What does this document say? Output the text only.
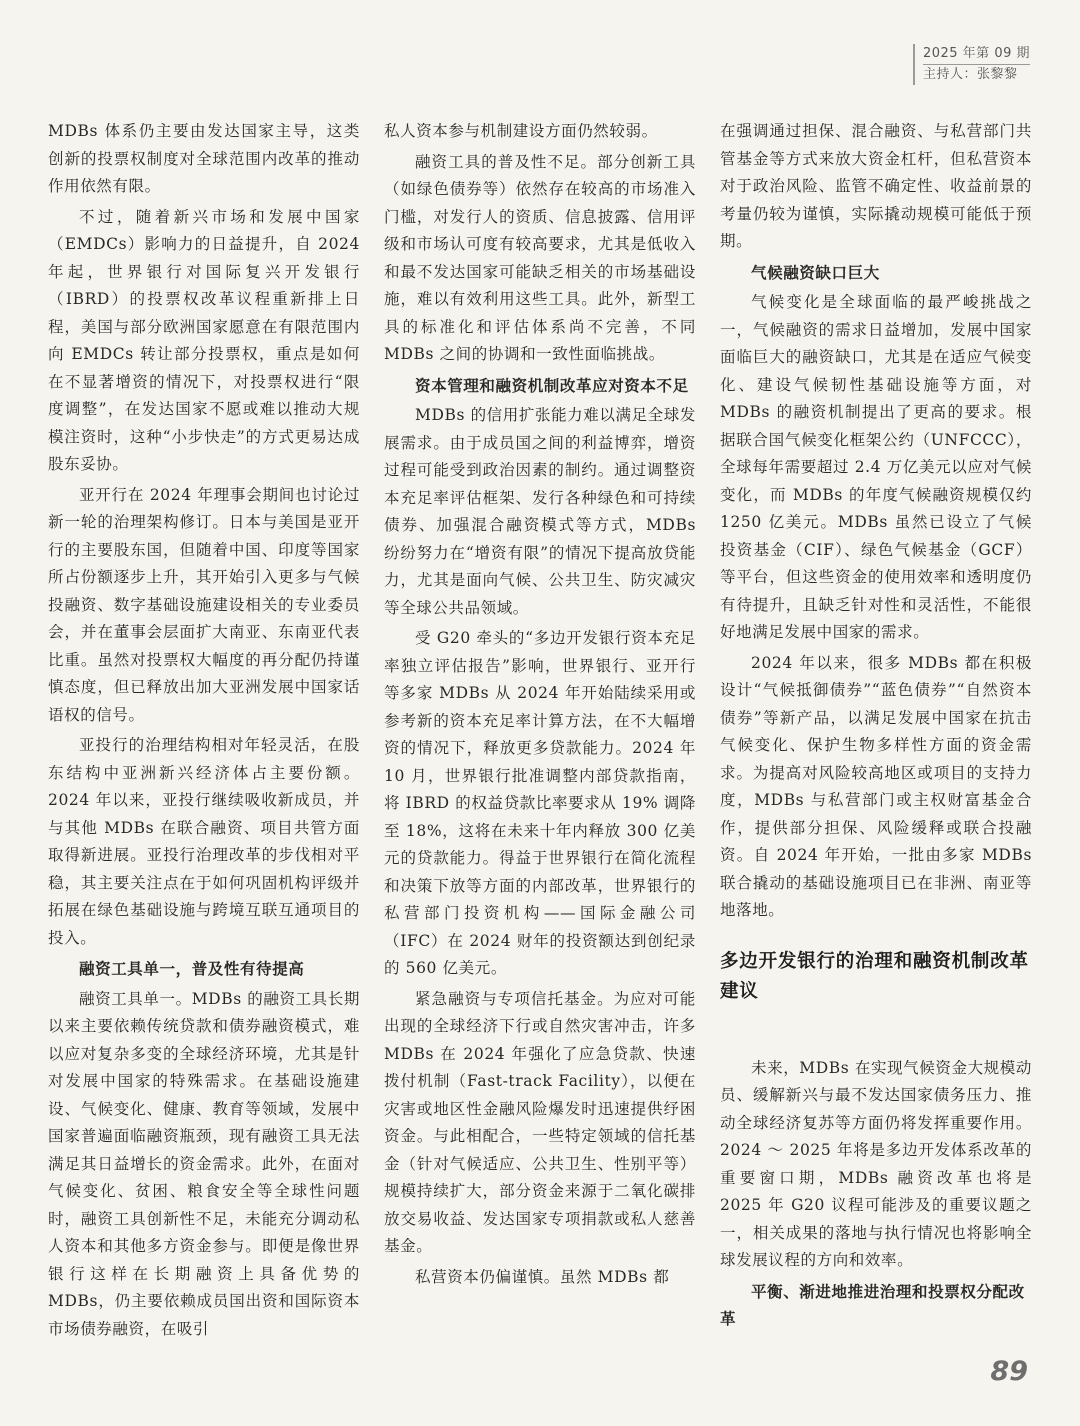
2025 年第 09 期
主持人：张黎黎

MDBs 体系仍主要由发达国家主导，这类创新的投票权制度对全球范围内改革的推动作用依然有限。

不过，随着新兴市场和发展中国家（EMDCs）影响力的日益提升，自 2024 年起，世界银行对国际复兴开发银行（IBRD）的投票权改革议程重新排上日程，美国与部分欧洲国家愿意在有限范围内向 EMDCs 转让部分投票权，重点是如何在不显著增资的情况下，对投票权进行“限度调整”，在发达国家不愿或难以推动大规模注资时，这种“小步快走”的方式更易达成股东妥协。

亚开行在 2024 年理事会期间也讨论过新一轮的治理架构修订。日本与美国是亚开行的主要股东国，但随着中国、印度等国家所占份额逐步上升，其开始引入更多与气候投融资、数字基础设施建设相关的专业委员会，并在董事会层面扩大南亚、东南亚代表比重。虽然对投票权大幅度的再分配仍持谨慎态度，但已释放出加大亚洲发展中国家话语权的信号。

亚投行的治理结构相对年轻灵活，在股东结构中亚洲新兴经济体占主要份额。2024 年以来，亚投行继续吸收新成员，并与其他 MDBs 在联合融资、项目共管方面取得新进展。亚投行治理改革的步伐相对平稳，其主要关注点在于如何巩固机构评级并拓展在绿色基础设施与跨境互联互通项目的投入。

融资工具单一，普及性有待提高

融资工具单一。MDBs 的融资工具长期以来主要依赖传统贷款和债券融资模式，难以应对复杂多变的全球经济环境，尤其是针对发展中国家的特殊需求。在基础设施建设、气候变化、健康、教育等领域，发展中国家普遍面临融资瓶颈，现有融资工具无法满足其日益增长的资金需求。此外，在面对气候变化、贫困、粮食安全等全球性问题时，融资工具创新性不足，未能充分调动私人资本和其他多方资金参与。即便是像世界银行这样在长期融资上具备优势的 MDBs，仍主要依赖成员国出资和国际资本市场债券融资，在吸引

私人资本参与机制建设方面仍然较弱。

融资工具的普及性不足。部分创新工具（如绿色债券等）依然存在较高的市场准入门槛，对发行人的资质、信息披露、信用评级和市场认可度有较高要求，尤其是低收入和最不发达国家可能缺乏相关的市场基础设施，难以有效利用这些工具。此外，新型工具的标准化和评估体系尚不完善，不同 MDBs 之间的协调和一致性面临挑战。

资本管理和融资机制改革应对资本不足

MDBs 的信用扩张能力难以满足全球发展需求。由于成员国之间的利益博弈，增资过程可能受到政治因素的制约。通过调整资本充足率评估框架、发行各种绿色和可持续债券、加强混合融资模式等方式，MDBs 纷纷努力在“增资有限”的情况下提高放贷能力，尤其是面向气候、公共卫生、防灾减灾等全球公共品领域。

受 G20 牵头的“多边开发银行资本充足率独立评估报告”影响，世界银行、亚开行等多家 MDBs 从 2024 年开始陆续采用或参考新的资本充足率计算方法，在不大幅增资的情况下，释放更多贷款能力。2024 年 10 月，世界银行批准调整内部贷款指南，将 IBRD 的权益贷款比率要求从 19% 调降至 18%，这将在未来十年内释放 300 亿美元的贷款能力。得益于世界银行在简化流程和决策下放等方面的内部改革，世界银行的私营部门投资机构——国际金融公司（IFC）在 2024 财年的投资额达到创纪录的 560 亿美元。

紧急融资与专项信托基金。为应对可能出现的全球经济下行或自然灾害冲击，许多 MDBs 在 2024 年强化了应急贷款、快速拨付机制（Fast-track Facility），以便在灾害或地区性金融风险爆发时迅速提供纾困资金。与此相配合，一些特定领域的信托基金（针对气候适应、公共卫生、性别平等）规模持续扩大，部分资金来源于二氧化碳排放交易收益、发达国家专项捐款或私人慈善基金。

私营资本仍偏谨慎。虽然 MDBs 都

在强调通过担保、混合融资、与私营部门共管基金等方式来放大资金杠杆，但私营资本对于政治风险、监管不确定性、收益前景的考量仍较为谨慎，实际撬动规模可能低于预期。

气候融资缺口巨大

气候变化是全球面临的最严峻挑战之一，气候融资的需求日益增加，发展中国家面临巨大的融资缺口，尤其是在适应气候变化、建设气候韧性基础设施等方面，对 MDBs 的融资机制提出了更高的要求。根据联合国气候变化框架公约（UNFCCC），全球每年需要超过 2.4 万亿美元以应对气候变化，而 MDBs 的年度气候融资规模仅约 1250 亿美元。MDBs 虽然已设立了气候投资基金（CIF）、绿色气候基金（GCF）等平台，但这些资金的使用效率和透明度仍有待提升，且缺乏针对性和灵活性，不能很好地满足发展中国家的需求。

2024 年以来，很多 MDBs 都在积极设计“气候抵御债券”“蓝色债券”“自然资本债券”等新产品，以满足发展中国家在抗击气候变化、保护生物多样性方面的资金需求。为提高对风险较高地区或项目的支持力度，MDBs 与私营部门或主权财富基金合作，提供部分担保、风险缓释或联合投融资。自 2024 年开始，一批由多家 MDBs 联合撬动的基础设施项目已在非洲、南亚等地落地。

多边开发银行的治理和融资机制改革建议

未来，MDBs 在实现气候资金大规模动员、缓解新兴与最不发达国家债务压力、推动全球经济复苏等方面仍将发挥重要作用。2024 ～ 2025 年将是多边开发体系改革的重要窗口期，MDBs 融资改革也将是 2025 年 G20 议程可能涉及的重要议题之一，相关成果的落地与执行情况也将影响全球发展议程的方向和效率。

平衡、渐进地推进治理和投票权分配改革
89
